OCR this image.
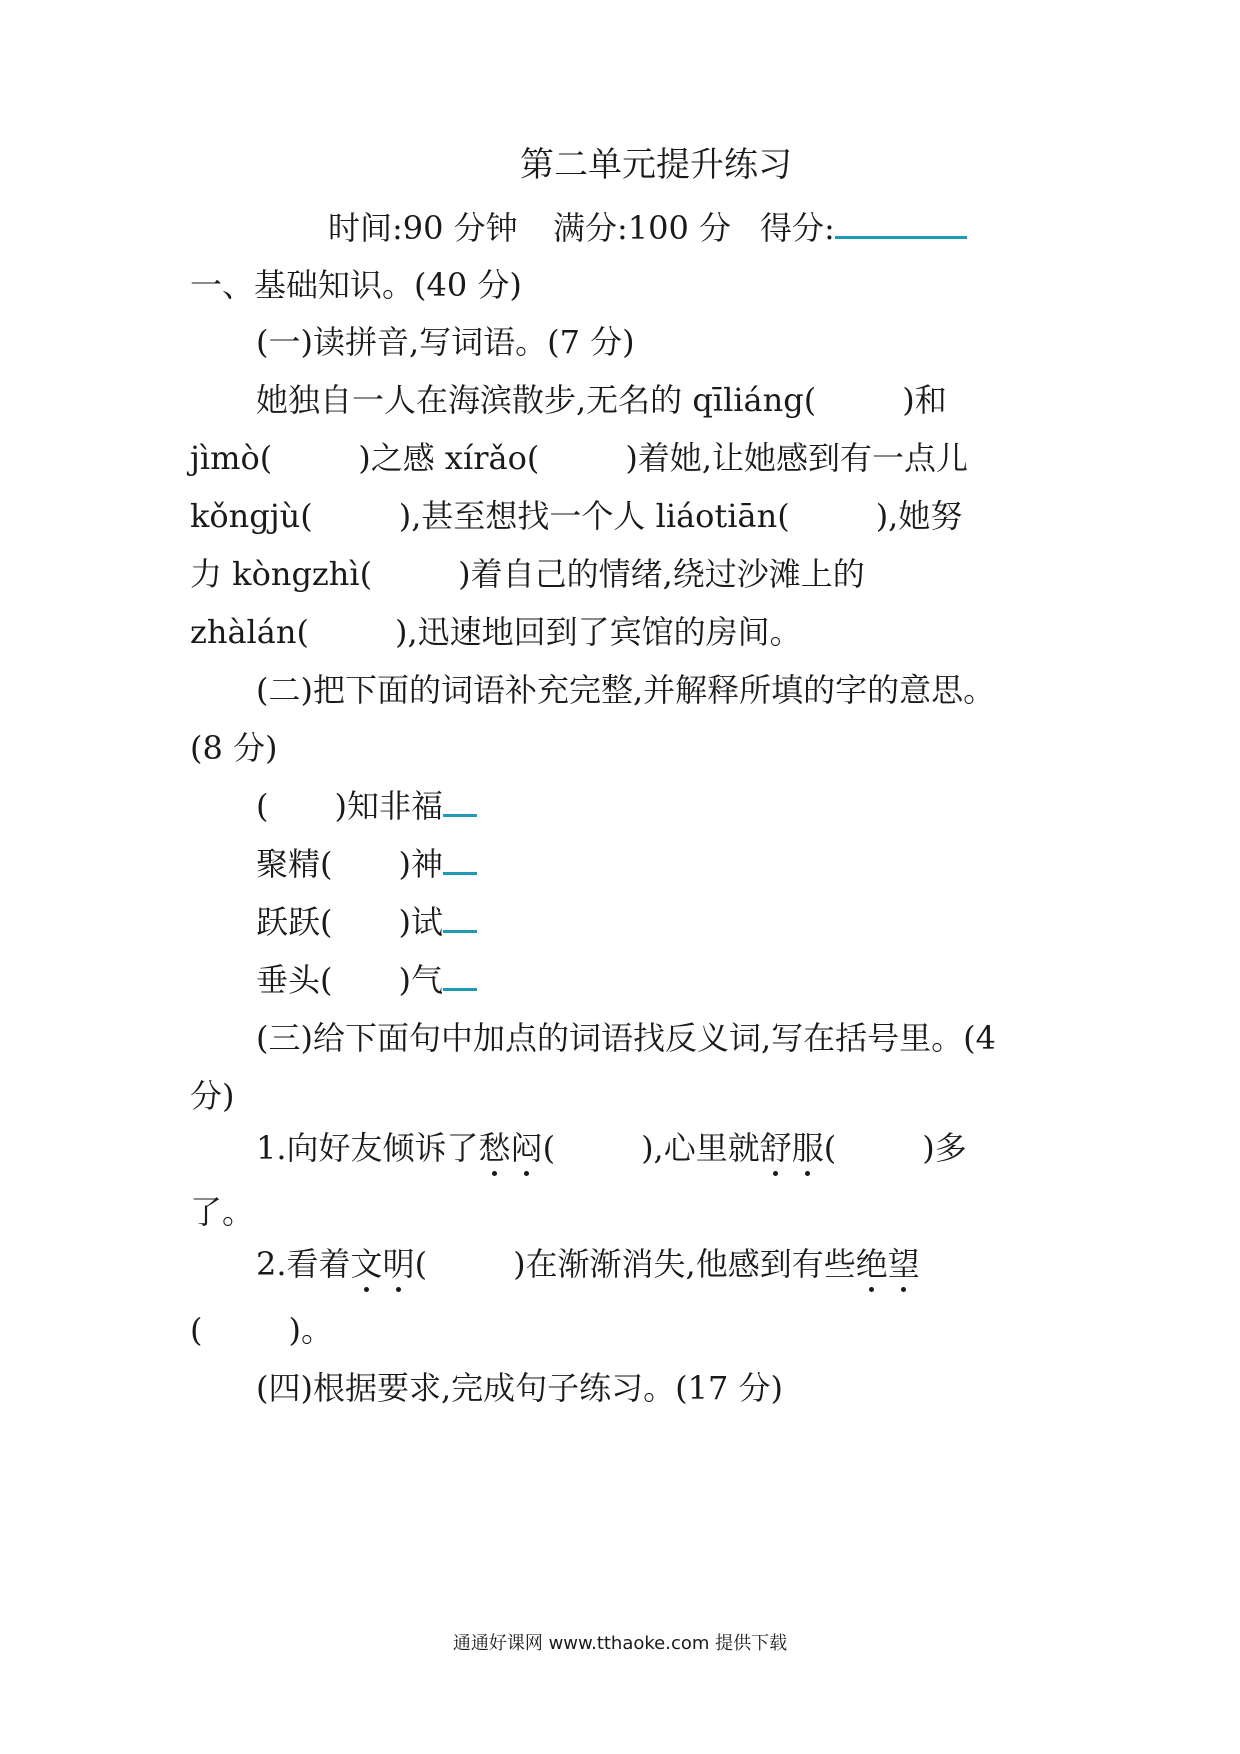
第二单元提升练习
时间:90 分钟 满分:100 分 得分:
一、基础知识。(40 分)
(一)读拼音,写词语。(7 分)
她独自一人在海滨散步,无名的 qīliáng(	)和
jìmò(	)之感 xírǎo(	)着她,让她感到有一点儿
kǒngjù(	),甚至想找一个人 liáotiān(	),她努
力 kòngzhì(	)着自己的情绪,绕过沙滩上的
zhàlán(	),迅速地回到了宾馆的房间。
(二)把下面的词语补充完整,并解释所填的字的意思。
(8 分)
( )知非福
聚精( )神
跃跃( )试
垂头( )气
(三)给下面句中加点的词语找反义词,写在括号里。(4
分)
1.向好友倾诉了愁闷(	),心里就舒服(	)多
了。
2.看着文明(	)在渐渐消失,他感到有些绝望
(	)。
(四)根据要求,完成句子练习。(17 分)
通通好课网 www.tthaoke.com 提供下载
